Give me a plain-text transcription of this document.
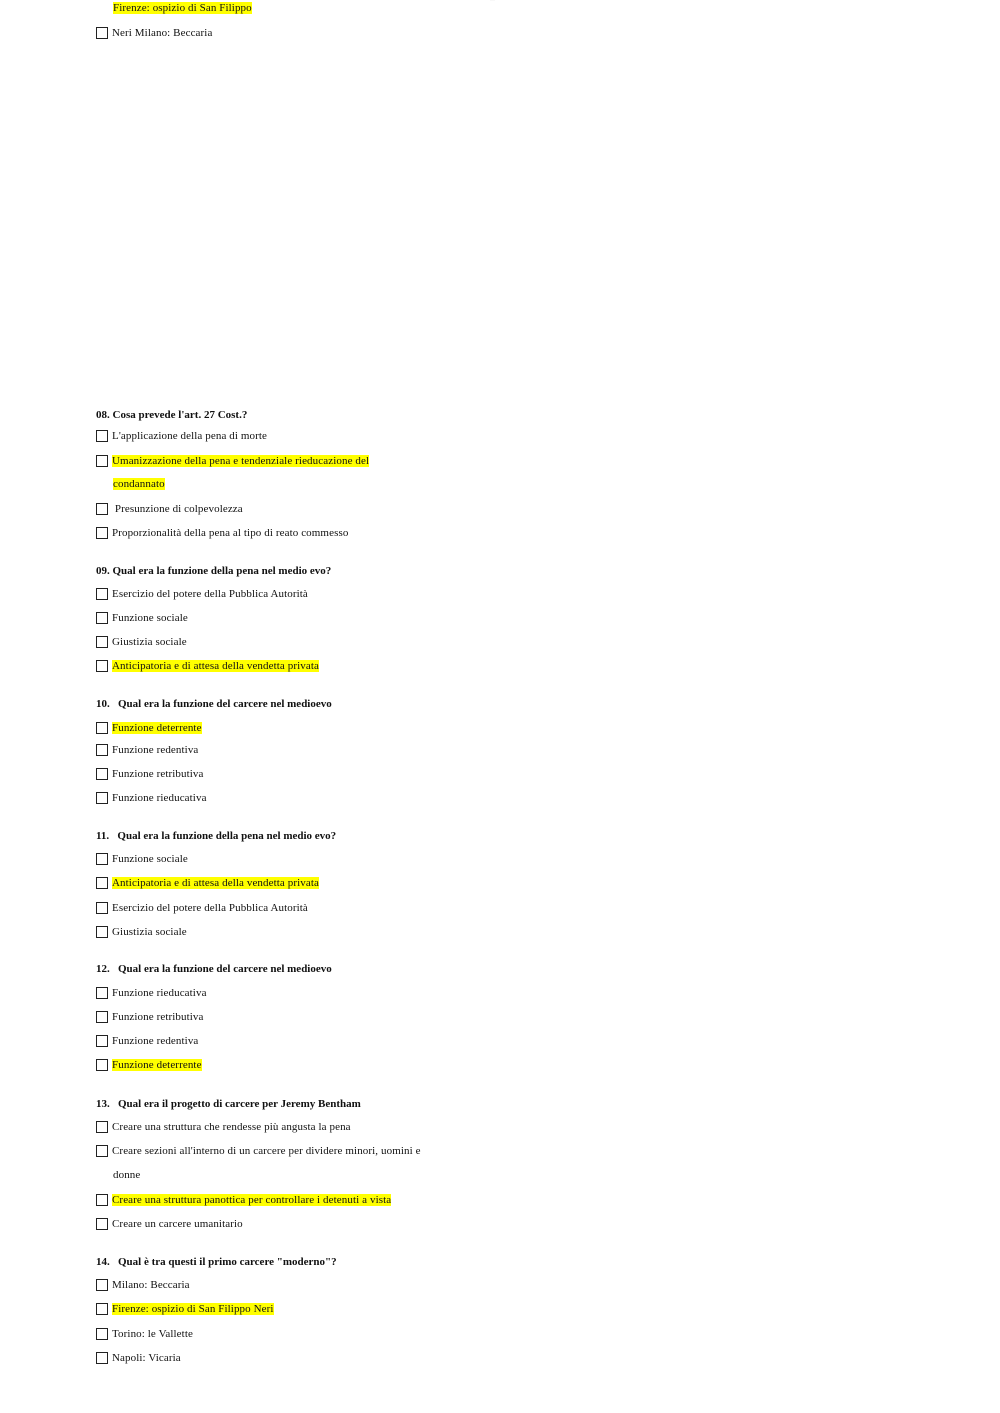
·····
Firenze: ospizio di San Filippo
Neri Milano: Beccaria
08. Cosa prevede l'art. 27 Cost.?
L'applicazione della pena di morte
Umanizzazione della pena e tendenziale rieducazione del
condannato
Presunzione di colpevolezza
Proporzionalità della pena al tipo di reato commesso
09. Qual era la funzione della pena nel medio evo?
Esercizio del potere della Pubblica Autorità
Funzione sociale
Giustizia sociale
Anticipatoria e di attesa della vendetta privata
10.   Qual era la funzione del carcere nel medioevo
Funzione deterrente
Funzione redentiva
Funzione retributiva
Funzione rieducativa
11.   Qual era la funzione della pena nel medio evo?
Funzione sociale
Anticipatoria e di attesa della vendetta privata
Esercizio del potere della Pubblica Autorità
Giustizia sociale
12.   Qual era la funzione del carcere nel medioevo
Funzione rieducativa
Funzione retributiva
Funzione redentiva
Funzione deterrente
13.   Qual era il progetto di carcere per Jeremy Bentham
Creare una struttura che rendesse più angusta la pena
Creare sezioni all'interno di un carcere per dividere minori, uomini e
donne
Creare una struttura panottica per controllare i detenuti a vista
Creare un carcere umanitario
14.   Qual è tra questi il primo carcere "moderno"?
Milano: Beccaria
Firenze: ospizio di San Filippo Neri
Torino: le Vallette
Napoli: Vicaria
